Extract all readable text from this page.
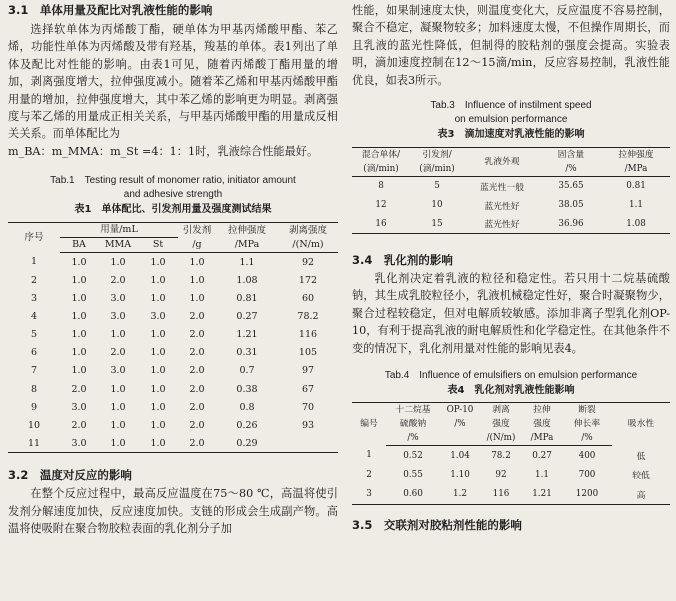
3.1　单体用量及配比对乳液性能的影响

选择软单体为丙烯酸丁酯，硬单体为甲基丙烯酸甲酯、苯乙烯，功能性单体为丙烯酸及带有羟基，羧基的单体。表1列出了单体及配比对性能的影响。由表1可见，随着丙烯酸丁酯用量的增加，剥离强度增大，拉伸强度减小。随着苯乙烯和甲基丙烯酸甲酯用量的增加，拉伸强度增大，其中苯乙烯的影响更为明显。剥离强度与苯乙烯的用量成正相关关系，与甲基丙烯酸甲酯的用量成反相关关系。而单体配比为

m_BA：m_MMA：m_St =4：1：1时，乳液综合性能最好。

Tab.1　Testing result of monomer ratio, initiator amount

and adhesive strength

表1　单体配比、引发剂用量及强度测试结果

序号	用量/mL			引发剂	拉伸强度	剥离强度
	BA	MMA	St	/g	/MPa	/(N/m)
1	1.0	1.0	1.0	1.0	1.1	92
2	1.0	2.0	1.0	1.0	1.08	172
3	1.0	3.0	1.0	1.0	0.81	60
4	1.0	3.0	3.0	2.0	0.27	78.2
5	1.0	1.0	1.0	2.0	1.21	116
6	1.0	2.0	1.0	2.0	0.31	105
7	1.0	3.0	1.0	2.0	0.7	97
8	2.0	1.0	1.0	2.0	0.38	67
9	3.0	1.0	1.0	2.0	0.8	70
10	2.0	1.0	1.0	2.0	0.26	93
11	3.0	1.0	1.0	2.0	0.29	

3.2　温度对反应的影响

在整个反应过程中，最高反应温度在75～80 ℃，高温将使引发剂分解速度加快，反应速度加快。支链的形成会生成副产物。高温将使吸附在聚合物胶粒表面的乳化剂分子加

性能，如果制速度太快，则温度变化大，反应温度不容易控制，聚合不稳定，凝聚物较多；加料速度太慢，不但操作周期长，而且乳液的蓝光性降低，但制得的胶粘剂的强度会提高。实验表明，滴加速度控制在12～15滴/min，反应容易控制，乳液性能优良，如表3所示。

Tab.3　Influence of instilment speed

on emulsion performance

表3　滴加速度对乳液性能的影响

混合单体/	引发剂/	乳液外观	固含量	拉伸强度
(滴/min)	(滴/min)		/%	/MPa
8	5	蓝光性一般	35.65	0.81
12	10	蓝光性好	38.05	1.1
16	15	蓝光性好	36.96	1.08

3.4　乳化剂的影响

乳化剂决定着乳液的粒径和稳定性。若只用十二烷基硫酸钠，其生成乳胶粒径小，乳液机械稳定性好，聚合时凝聚物少，聚合过程较稳定，但对电解质较敏感。添加非离子型乳化剂OP-10，有利于提高乳液的耐电解质性和化学稳定性。在其他条件不变的情况下，乳化剂用量对性能的影响见表4。

Tab.4　Influence of emulsifiers on emulsion performance

表4　乳化剂对乳液性能影响

编号	十二烷基	OP-10	剥离	拉伸	断裂	吸水性
	硫酸钠	/%	强度	强度	伸长率	
	/%		/(N/m)	/MPa	/%	
1	0.52	1.04	78.2	0.27	400	低
2	0.55	1.10	92	1.1	700	较低
3	0.60	1.2	116	1.21	1200	高

3.5　交联剂对胶粘剂性能的影响
